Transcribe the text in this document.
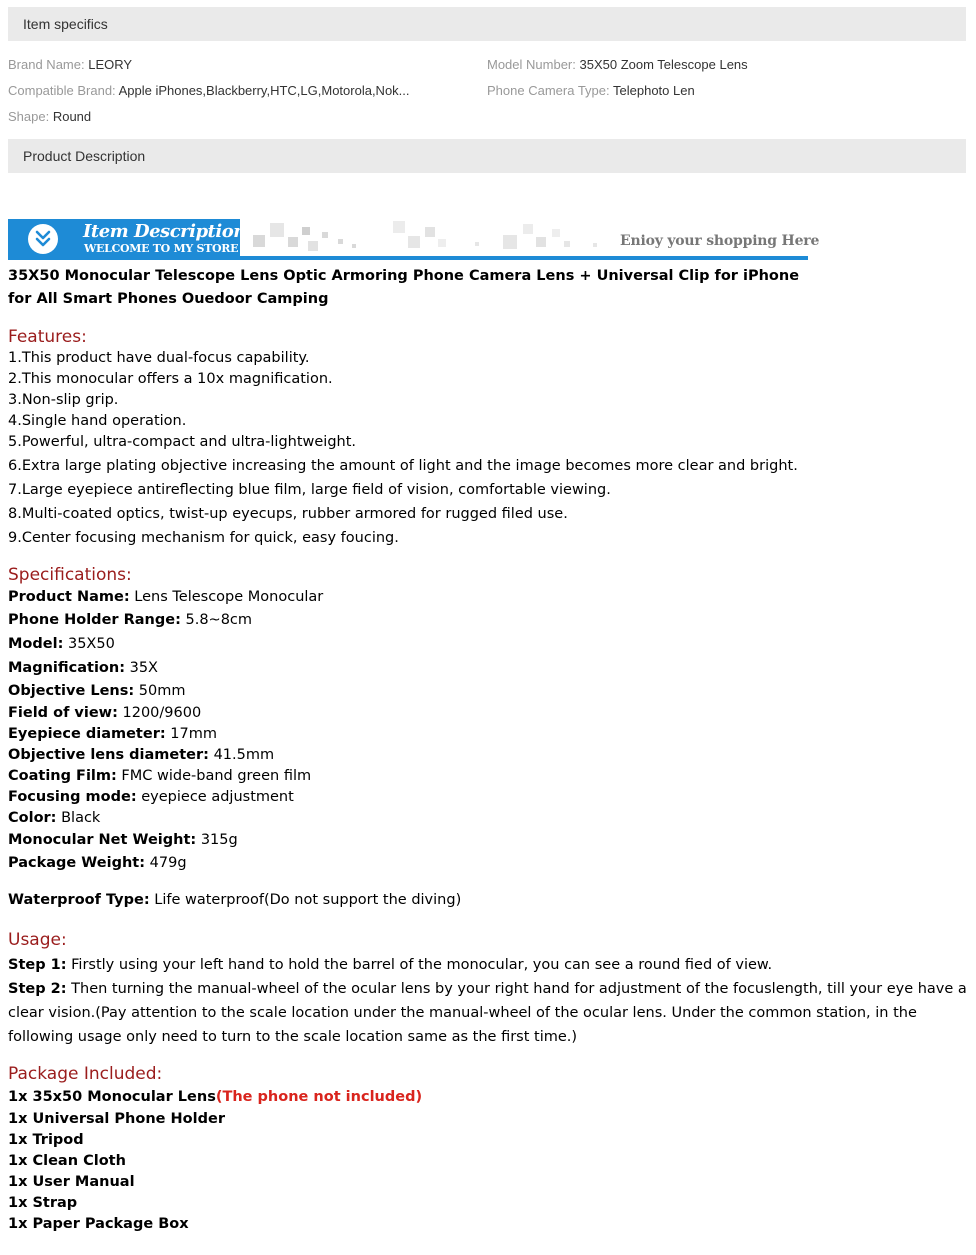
Item specifics
Brand Name: LEORY	Model Number: 35X50 Zoom Telescope Lens
Compatible Brand: Apple iPhones,Blackberry,HTC,LG,Motorola,Nok...	Phone Camera Type: Telephoto Len
Shape: Round
Product Description
Item Description
WELCOME TO MY STORE	Enioy your shopping Here

35X50 Monocular Telescope Lens Optic Armoring Phone Camera Lens + Universal Clip for iPhone

for All Smart Phones Ouedoor Camping

Features:

1.This product have dual-focus capability.

2.This monocular offers a 10x magnification.

3.Non-slip grip.

4.Single hand operation.

5.Powerful, ultra-compact and ultra-lightweight.

6.Extra large plating objective increasing the amount of light and the image becomes more clear and bright.

7.Large eyepiece antireflecting blue film, large field of vision, comfortable viewing.

8.Multi-coated optics, twist-up eyecups, rubber armored for rugged filed use.

9.Center focusing mechanism for quick, easy foucing.

Specifications:

Product Name: Lens Telescope Monocular

Phone Holder Range: 5.8~8cm

Model: 35X50

Magnification: 35X

Objective Lens: 50mm

Field of view: 1200/9600

Eyepiece diameter: 17mm

Objective lens diameter: 41.5mm

Coating Film: FMC wide-band green film

Focusing mode: eyepiece adjustment

Color: Black

Monocular Net Weight: 315g

Package Weight: 479g

Waterproof Type: Life waterproof(Do not support the diving)

Usage:

Step 1: Firstly using your left hand to hold the barrel of the monocular, you can see a round fied of view.

Step 2: Then turning the manual-wheel of the ocular lens by your right hand for adjustment of the focuslength, till your eye have a clear vision.(Pay attention to the scale location under the manual-wheel of the ocular lens. Under the common station, in the following usage only need to turn to the scale location same as the first time.)

Package Included:

1x 35x50 Monocular Lens(The phone not included)

1x Universal Phone Holder

1x Tripod

1x Clean Cloth

1x User Manual

1x Strap

1x Paper Package Box
